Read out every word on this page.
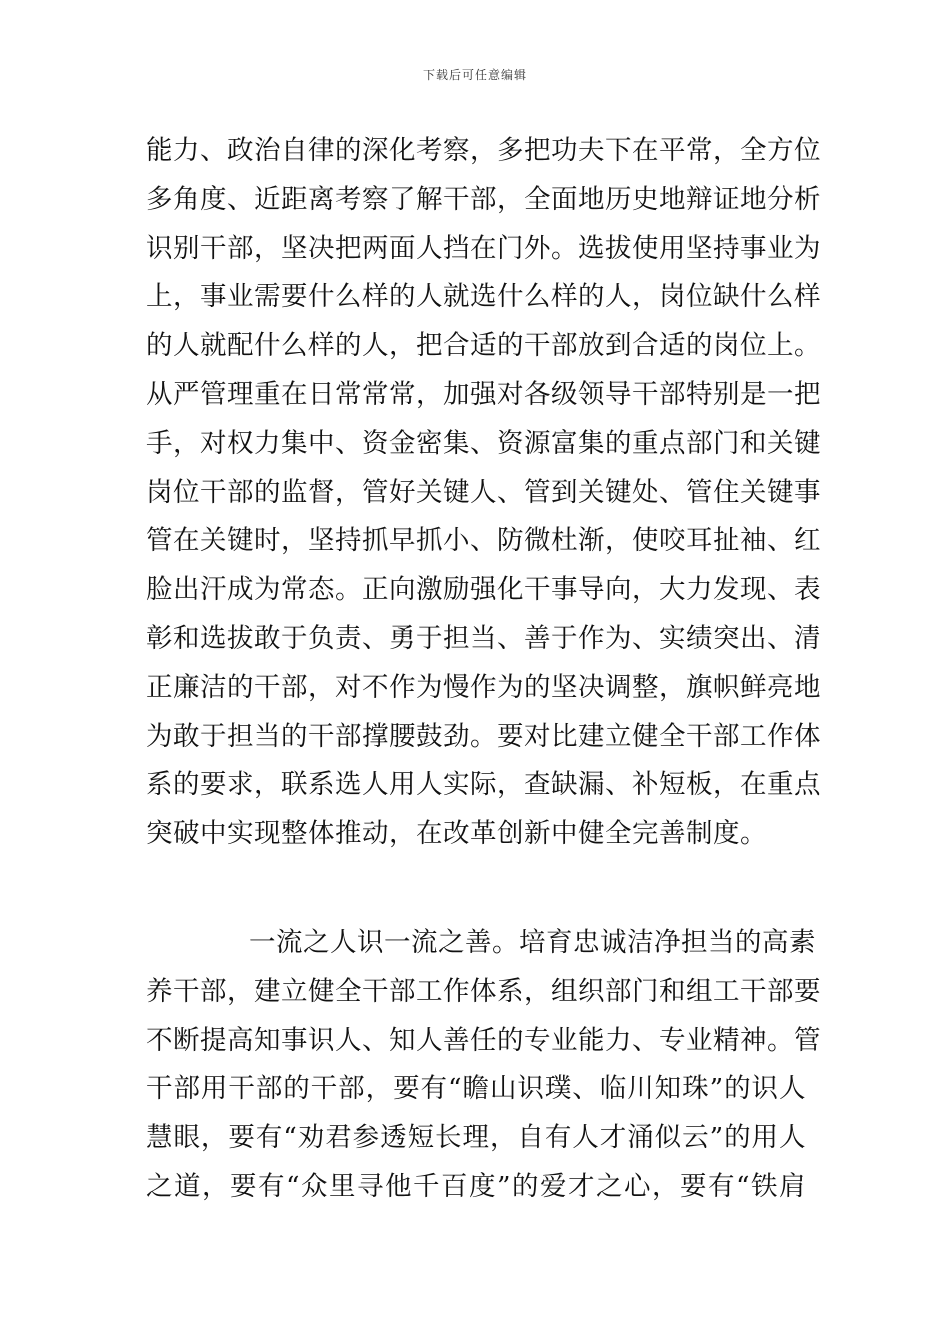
下载后可任意编辑
能力、政治自律的深化考察，多把功夫下在平常，全方位
多角度、近距离考察了解干部，全面地历史地辩证地分析
识别干部，坚决把两面人挡在门外。选拔使用坚持事业为
上，事业需要什么样的人就选什么样的人，岗位缺什么样
的人就配什么样的人，把合适的干部放到合适的岗位上。
从严管理重在日常常常，加强对各级领导干部特别是一把
手，对权力集中、资金密集、资源富集的重点部门和关键
岗位干部的监督，管好关键人、管到关键处、管住关键事
管在关键时，坚持抓早抓小、防微杜渐，使咬耳扯袖、红
脸出汗成为常态。正向激励强化干事导向，大力发现、表
彰和选拔敢于负责、勇于担当、善于作为、实绩突出、清
正廉洁的干部，对不作为慢作为的坚决调整，旗帜鲜亮地
为敢于担当的干部撑腰鼓劲。要对比建立健全干部工作体
系的要求，联系选人用人实际，查缺漏、补短板，在重点
突破中实现整体推动，在改革创新中健全完善制度。
一流之人识一流之善。培育忠诚洁净担当的高素
养干部，建立健全干部工作体系，组织部门和组工干部要
不断提高知事识人、知人善任的专业能力、专业精神。管
干部用干部的干部，要有“瞻山识璞、临川知珠”的识人
慧眼，要有“劝君参透短长理，自有人才涌似云”的用人
之道，要有“众里寻他千百度”的爱才之心，要有“铁肩
